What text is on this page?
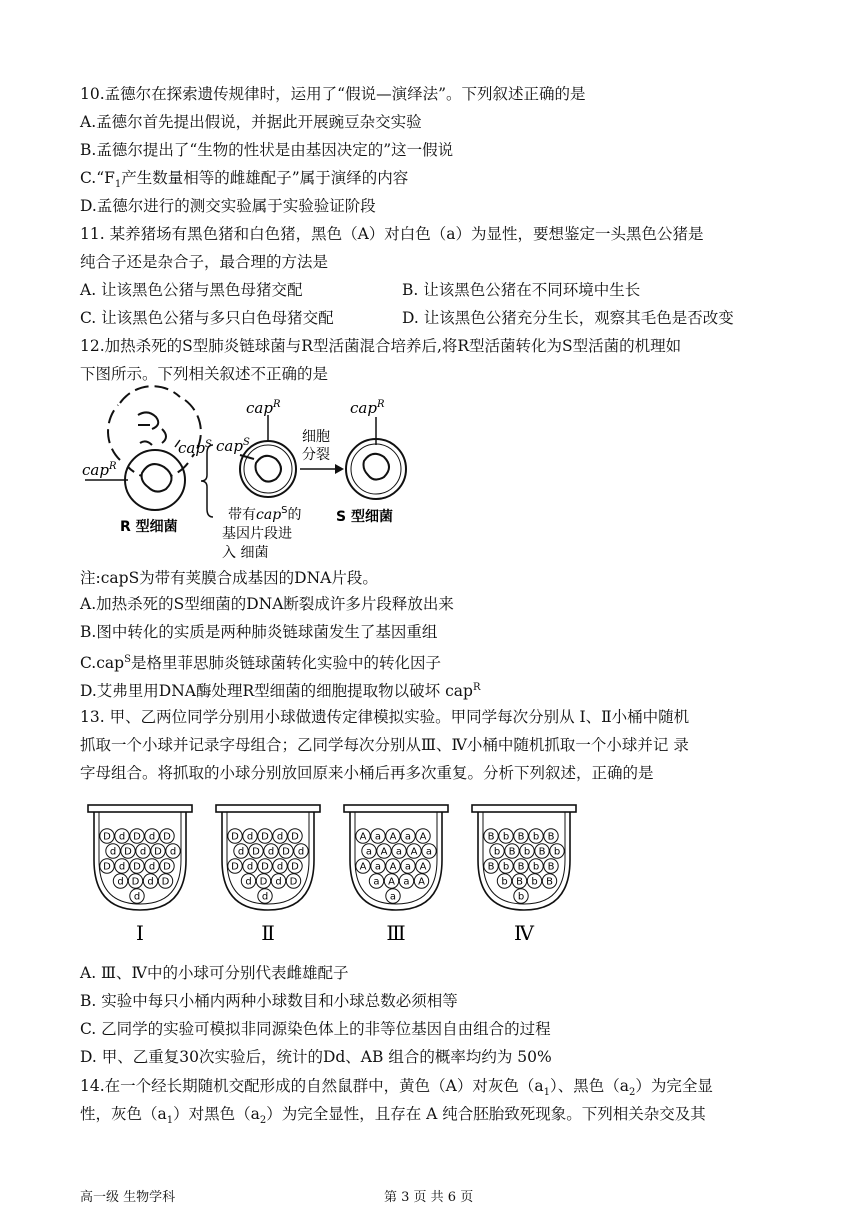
10.孟德尔在探索遗传规律时，运用了“假说—演绎法”。下列叙述正确的是
A.孟德尔首先提出假说，并据此开展豌豆杂交实验
B.孟德尔提出了“生物的性状是由基因决定的”这一假说
$C.“F_1$产生数量相等的雌雄配子”属于演绎的内容
D.孟德尔进行的测交实验属于实验验证阶段
11. 某养猪场有黑色猪和白色猪，黑色（A）对白色（a）为显性，要想鉴定一头黑色公猪是
纯合子还是杂合子，最合理的方法是
A. 让该黑色公猪与黑色母猪交配	B. 让该黑色公猪在不同环境中生长
C. 让该黑色公猪与多只白色母猪交配	D. 让该黑色公猪充分生长，观察其毛色是否改变
12.加热杀死的S型肺炎链球菌与R型活菌混合培养后,将R型活菌转化为S型活菌的机理如
下图所示。下列相关叙述不正确的是
cap$^R$
cap$^S$ cap$^S$
cap$^R$	cap$^R$
细胞
分裂
R 型细菌
S 型细菌
带有cap$^S$的
基因片段进
入 细菌
注:capS为带有荚膜合成基因的DNA片段。
A.加热杀死的S型细菌的DNA断裂成许多片段释放出来
B.图中转化的实质是两种肺炎链球菌发生了基因重组
C.cap$^S$是格里菲思肺炎链球菌转化实验中的转化因子
D.艾弗里用DNA酶处理R型细菌的细胞提取物以破坏 cap$^R$
13. 甲、乙两位同学分别用小球做遗传定律模拟实验。甲同学每次分别从 Ⅰ、Ⅱ小桶中随机
抓取一个小球并记录字母组合；乙同学每次分别从Ⅲ、Ⅳ小桶中随机抓取一个小球并记 录
字母组合。将抓取的小球分别放回原来小桶后再多次重复。分析下列叙述，正确的是
D d D d D
d D d D d
D d D d D
d D d D
d
Ⅰ
D d D d D
d D d D d
D d D d D
d D d D
d
Ⅱ
A a A a A
a A a A a
A a A a A
a A a A
a
Ⅲ
B b B b B
b B b B b
B b B b B
b B b B
b
Ⅳ
A. Ⅲ、Ⅳ中的小球可分别代表雌雄配子
B. 实验中每只小桶内两种小球数目和小球总数必须相等
C. 乙同学的实验可模拟非同源染色体上的非等位基因自由组合的过程
D. 甲、乙重复30次实验后，统计的Dd、AB 组合的概率均约为 50%
14.在一个经长期随机交配形成的自然鼠群中，黄色（A）对灰色$(a_1)$、黑色$(a_2)$为完全显
性，灰色$(a_1)$对黑色$(a_2)$为完全显性，且存在 A 纯合胚胎致死现象。下列相关杂交及其
高一级 生物学科	第 3 页 共 6 页
